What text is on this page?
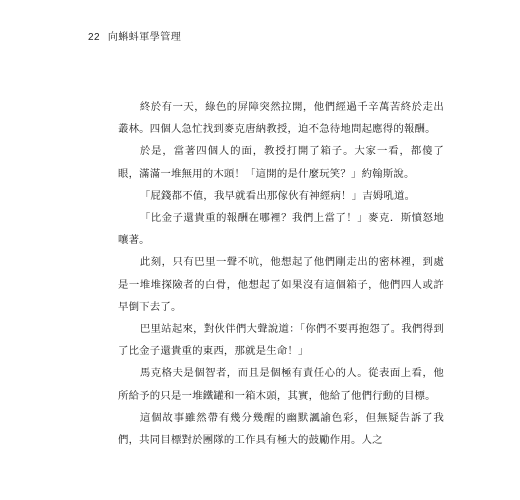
22 向蝌蚪軍學管理

終於有一天，綠色的屏障突然拉開，他們經過千辛萬苦終於走出叢林。四個人急忙找到麥克唐納教授，迫不急待地問起應得的報酬。

於是，當著四個人的面，教授打開了箱子。大家一看，都傻了眼，滿滿一堆無用的木頭！「這開的是什麼玩笑？」約翰斯說。

「屁錢都不值，我早就看出那傢伙有神經病！」吉姆吼道。

「比金子還貴重的報酬在哪裡？我們上當了！」麥克．斯憤怒地嚷著。

此刻，只有巴里一聲不吭，他想起了他們剛走出的密林裡，到處是一堆堆探險者的白骨，他想起了如果沒有這個箱子，他們四人或許早倒下去了。

巴里站起來，對伙伴們大聲說道：「你們不要再抱怨了。我們得到了比金子還貴重的東西，那就是生命！」

馬克格夫是個智者，而且是個極有責任心的人。從表面上看，他所給予的只是一堆鐵罐和一箱木頭，其實，他給了他們行動的目標。

這個故事雖然帶有幾分幾醒的幽默諷諭色彩，但無疑告訴了我們，共同目標對於團隊的工作具有極大的鼓勵作用。人之
